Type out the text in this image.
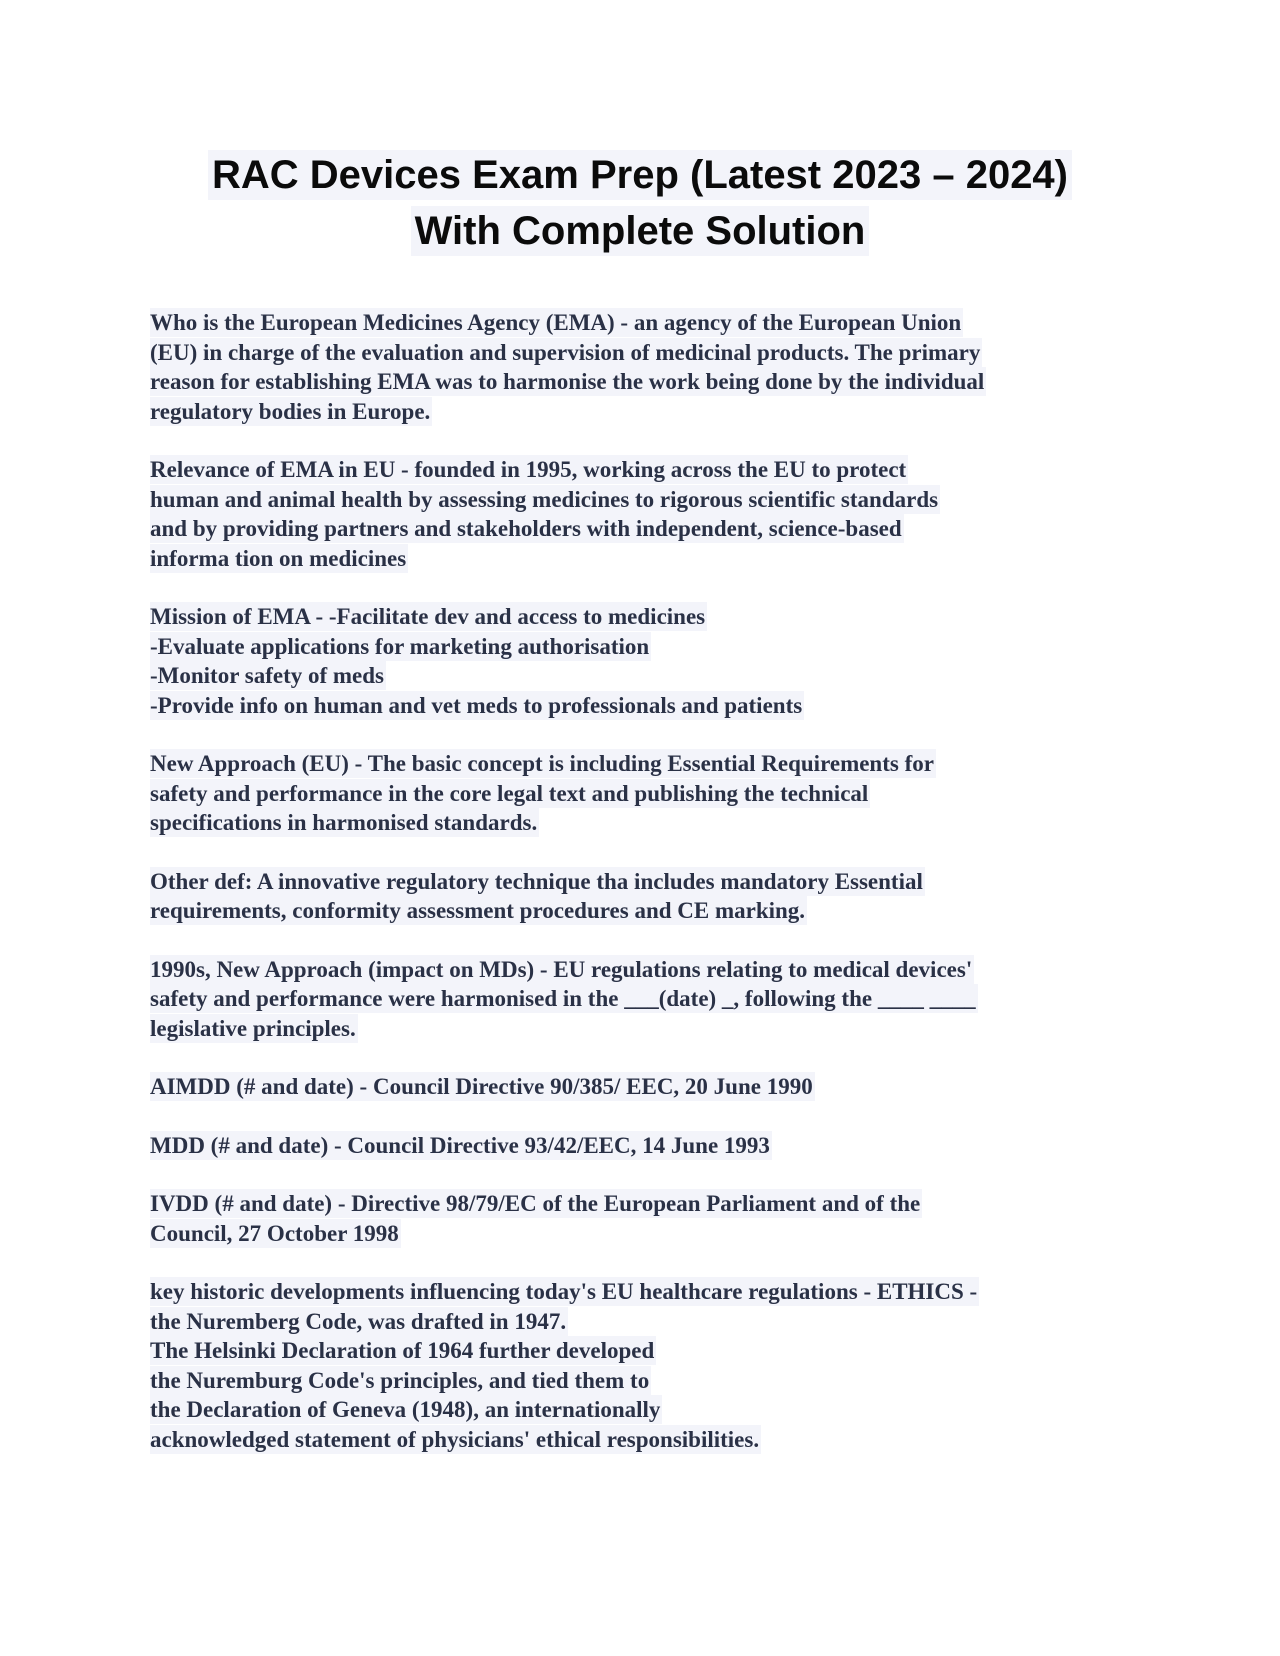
RAC Devices Exam Prep (Latest 2023 – 2024)
With Complete Solution
Who is the European Medicines Agency (EMA) - an agency of the European Union
(EU) in charge of the evaluation and supervision of medicinal products. The primary
reason for establishing EMA was to harmonise the work being done by the individual
regulatory bodies in Europe.
Relevance of EMA in EU - founded in 1995, working across the EU to protect
human and animal health by assessing medicines to rigorous scientific standards
and by providing partners and stakeholders with independent, science-based
informa tion on medicines
Mission of EMA - -Facilitate dev and access to medicines
-Evaluate applications for marketing authorisation
-Monitor safety of meds
-Provide info on human and vet meds to professionals and patients
New Approach (EU) - The basic concept is including Essential Requirements for
safety and performance in the core legal text and publishing the technical
specifications in harmonised standards.
Other def: A innovative regulatory technique tha includes mandatory Essential
requirements, conformity assessment procedures and CE marking.
1990s, New Approach (impact on MDs) - EU regulations relating to medical devices'
safety and performance were harmonised in the ___(date) _, following the ____ ____
legislative principles.
AIMDD (# and date) - Council Directive 90/385/ EEC, 20 June 1990
MDD (# and date) - Council Directive 93/42/EEC, 14 June 1993
IVDD (# and date) - Directive 98/79/EC of the European Parliament and of the
Council, 27 October 1998
key historic developments influencing today's EU healthcare regulations - ETHICS -
the Nuremberg Code, was drafted in 1947.
The Helsinki Declaration of 1964 further developed
the Nuremburg Code's principles, and tied them to
the Declaration of Geneva (1948), an internationally
acknowledged statement of physicians' ethical responsibilities.
